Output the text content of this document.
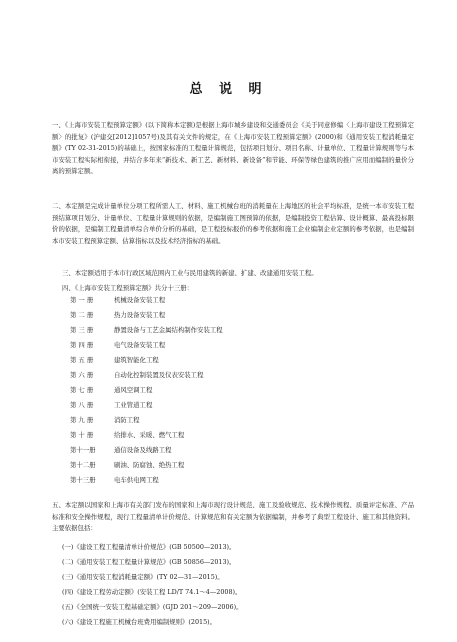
总 说 明
一、《上海市安装工程预算定额》(以下简称本定额)是根据上海市城乡建设和交通委员会《关于同意修编〈上海市建设工程预算定额〉的批复》(沪建交[2012]1057号)及其有关文件的规定，在《上海市安装工程预算定额》(2000)和《通用安装工程消耗量定额》(TY 02-31-2015)的基础上，按国家标准的工程量计算规范，包括项目划分、项目名称、计量单位、工程量计算规则等与本市安装工程实际相衔接，并结合多年来“新技术、新工艺、新材料、新设备”和节能、环保等绿色建筑的推广应用而编制的量价分离的预算定额。
二、本定额是完成计量单位分项工程所需人工、材料、施工机械台班的消耗量在上海地区的社会平均标准，是统一本市安装工程预结算项目划分、计量单位、工程量计算规则的依据，是编制施工图预算的依据，是编制投资工程估算、设计概算、最高投标限价的依据，是编制工程量清单综合单价分析的基础，是工程投标报价的参考依据和施工企业编制企业定额的参考依据，也是编制本市安装工程预算定额、估算指标以及技术经济指标的基础。
三、本定额适用于本市行政区域范围内工业与民用建筑的新建、扩建、改建通用安装工程。
四、《上海市安装工程预算定额》共分十三册：
第 一 册	机械设备安装工程
第 二 册	热力设备安装工程
第 三 册	静置设备与工艺金属结构制作安装工程
第 四 册	电气设备安装工程
第 五 册	建筑智能化工程
第 六 册	自动化控制装置及仪表安装工程
第 七 册	通风空调工程
第 八 册	工业管道工程
第 九 册	消防工程
第 十 册	给排水、采暖、燃气工程
第十一册	通信设备及线路工程
第十二册	刷油、防腐蚀、绝热工程
第十三册	电车供电网工程
五、本定额以国家和上海市有关部门发布的国家和上海市现行设计规范、施工及验收规范、技术操作规程、质量评定标准、产品标准和安全操作规程，现行工程量清单计价规范、计算规范和有关定额为依据编制，并参考了典型工程设计、施工和其他资料。主要依据包括：
(一)《建设工程工程量清单计价规范》(GB 50500—2013)。
(二)《通用安装工程工程量计算规范》(GB 50856—2013)。
(三)《通用安装工程消耗量定额》(TY 02—31—2015)。
(四)《建设工程劳动定额》(安装工程 LD/T 74.1～4—2008)。
(五)《全国统一安装工程基础定额》(GJD 201～209—2006)。
(六)《建设工程施工机械台班费用编制规则》(2015)。
